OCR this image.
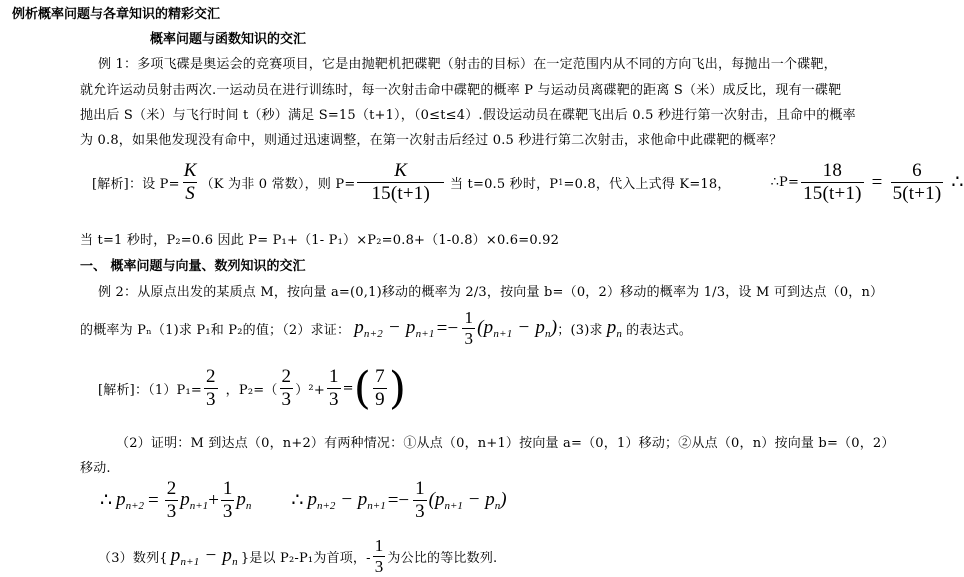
例析概率问题与各章知识的精彩交汇
概率问题与函数知识的交汇
例 1：多项飞碟是奥运会的竞赛项目，它是由抛靶机把碟靶（射击的目标）在一定范围内从不同的方向飞出，每抛出一个碟靶，
就允许运动员射击两次.一运动员在进行训练时，每一次射击命中碟靶的概率 P 与运动员离碟靶的距离 S（米）成反比，现有一碟靶
抛出后 S（米）与飞行时间 t（秒）满足 S=15（t+1），（0≤t≤4）.假设运动员在碟靶飞出后 0.5 秒进行第一次射击，且命中的概率
为 0.8，如果他发现没有命中，则通过迅速调整，在第一次射击后经过 0.5 秒进行第二次射击，求他命中此碟靶的概率？
[解析]：设 $P= \frac{K}{S} (K$ 为非 0 常数），则 $P= \frac{K}{15(t+1)}$ 当 t=0.5 秒时，P 1 =0.8，代入上式得 K=18，	∴P= $\frac{18}{15(t+1)} = \frac{6}{5(t+1)}$ ∴
当 t=1 秒时，P₂=0.6 因此 P= P₁+（1- P₁）×P₂=0.8+（1-0.8）×0.6=0.92
一、 概率问题与向量、数列知识的交汇
例 2：从原点出发的某质点 M，按向量 a=(0,1)移动的概率为 2/3，按向量 b=（0，2）移动的概率为 1/3，设 M 可到达点（0，n）
的概率为 Pₙ（1)求 P₁和 P₂的值；（2）求证： $p_{n+2} - p_{n+1} =- \frac{1}{3} (p_{n+1} - p_n)$ ；(3)求 $p_n$ 的表达式。
[解析]：$(1)P_1= \frac{2}{3}$ ，$P_2=( \frac{2}{3} )^2+ \frac{1}{3}$ = ( $\frac{7}{9}$ )
（2）证明：M 到达点（0，n+2）有两种情况：①从点（0，n+1）按向量 a=（0，1）移动；②从点（0，n）按向量 b=（0，2）
移动.
∴ $p_{n+2} = \frac{2}{3} p_{n+1} + \frac{1}{3} p_n$ ∴ $p_{n+2} - p_{n+1} =- \frac{1}{3} (p_{n+1} - p_n)$
（3）数列{ $p_{n+1} - p_n$ }是以 P₂-P₁为首项，- $\frac{1}{3}$ 为公比的等比数列.
